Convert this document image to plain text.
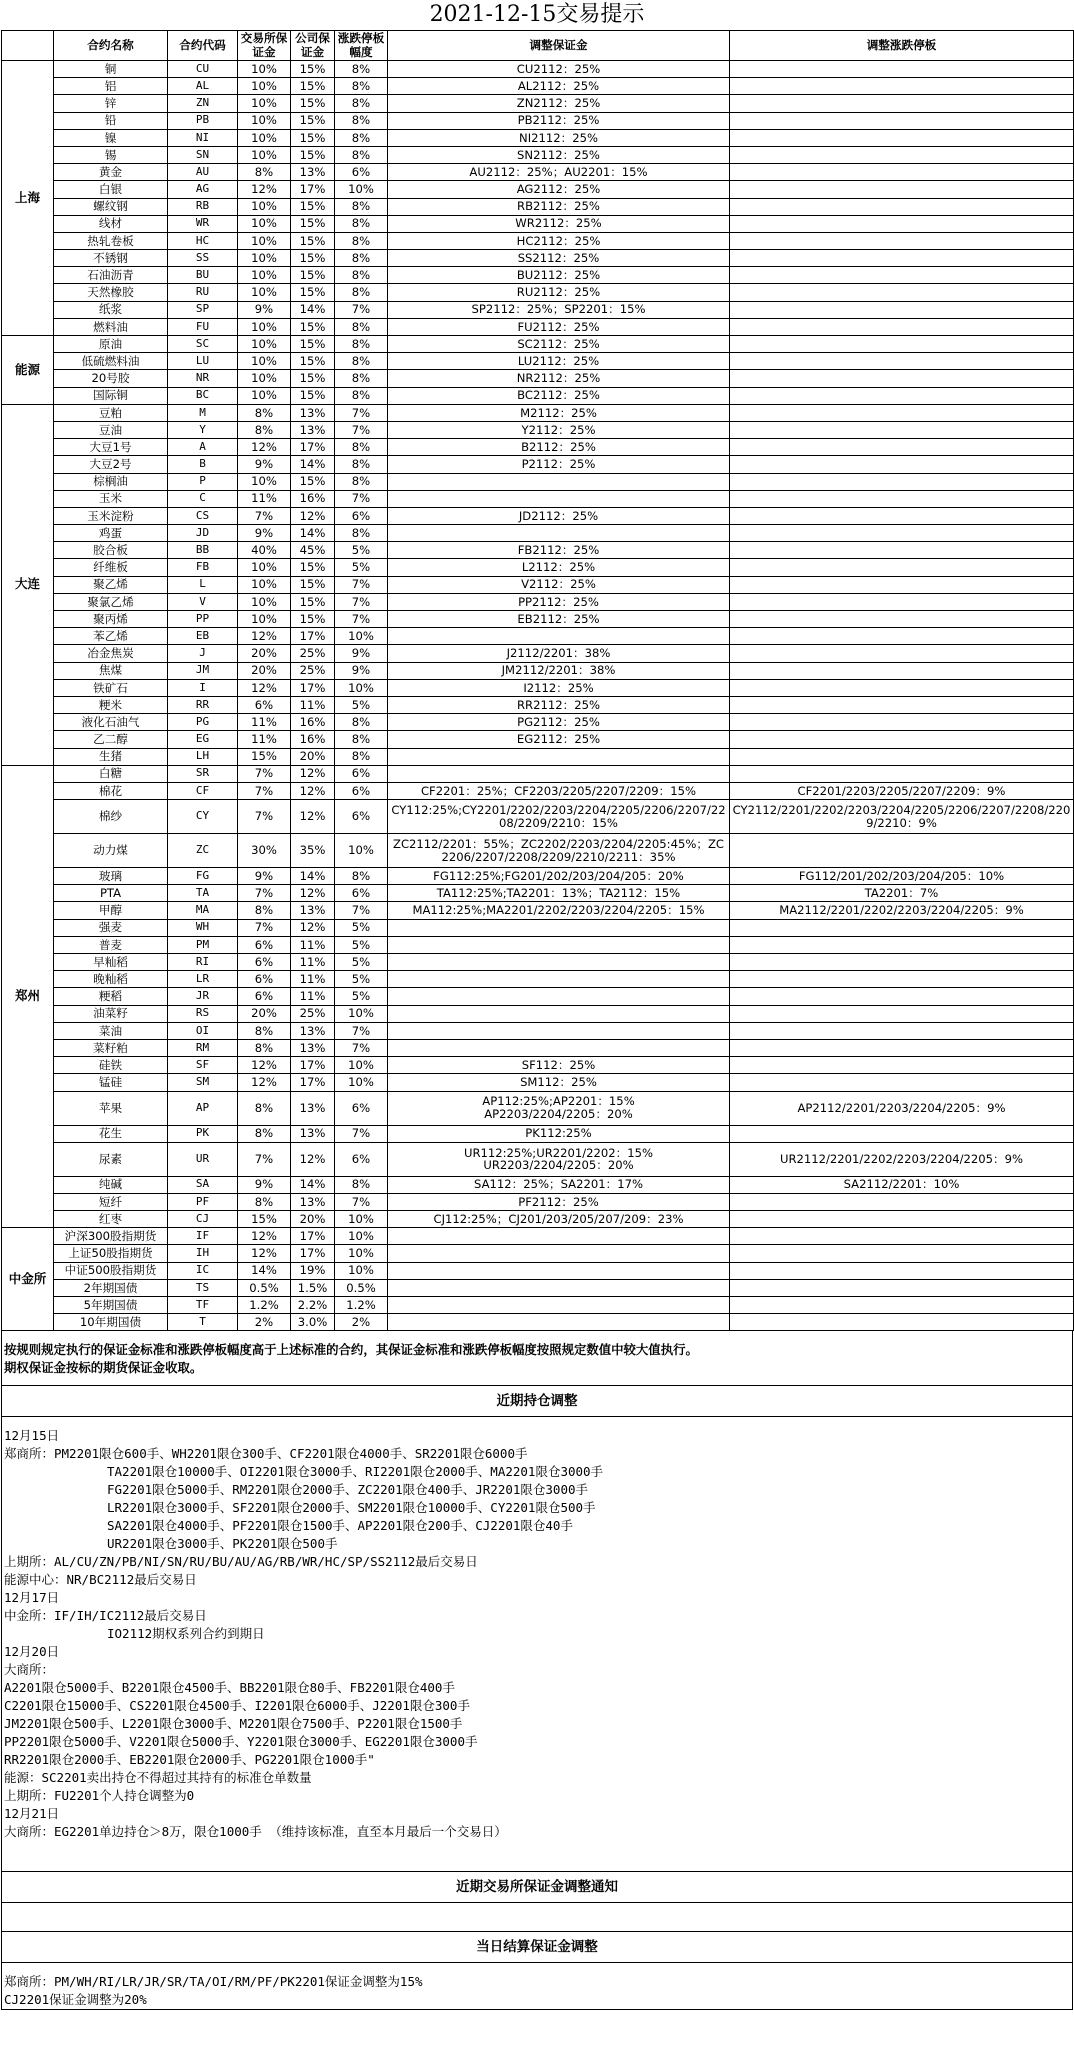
2021-12-15交易提示
	合约名称	合约代码	交易所保证金	公司保证金	涨跌停板幅度	调整保证金	调整涨跌停板
上海	铜	CU	10%	15%	8%	CU2112：25%	
	铝	AL	10%	15%	8%	AL2112：25%	
	锌	ZN	10%	15%	8%	ZN2112：25%	
	铅	PB	10%	15%	8%	PB2112：25%	
	镍	NI	10%	15%	8%	NI2112：25%	
	锡	SN	10%	15%	8%	SN2112：25%	
	黄金	AU	8%	13%	6%	AU2112：25%；AU2201：15%	
	白银	AG	12%	17%	10%	AG2112：25%	
	螺纹钢	RB	10%	15%	8%	RB2112：25%	
	线材	WR	10%	15%	8%	WR2112：25%	
	热轧卷板	HC	10%	15%	8%	HC2112：25%	
	不锈钢	SS	10%	15%	8%	SS2112：25%	
	石油沥青	BU	10%	15%	8%	BU2112：25%	
	天然橡胶	RU	10%	15%	8%	RU2112：25%	
	纸浆	SP	9%	14%	7%	SP2112：25%；SP2201：15%	
	燃料油	FU	10%	15%	8%	FU2112：25%	
能源	原油	SC	10%	15%	8%	SC2112：25%	
	低硫燃料油	LU	10%	15%	8%	LU2112：25%	
	20号胶	NR	10%	15%	8%	NR2112：25%	
	国际铜	BC	10%	15%	8%	BC2112：25%	
大连	豆粕	M	8%	13%	7%	M2112：25%	
	豆油	Y	8%	13%	7%	Y2112：25%	
	大豆1号	A	12%	17%	8%	B2112：25%	
	大豆2号	B	9%	14%	8%	P2112：25%	
	棕榈油	P	10%	15%	8%		
	玉米	C	11%	16%	7%		
	玉米淀粉	CS	7%	12%	6%	JD2112：25%	
	鸡蛋	JD	9%	14%	8%		
	胶合板	BB	40%	45%	5%	FB2112：25%	
	纤维板	FB	10%	15%	5%	L2112：25%	
	聚乙烯	L	10%	15%	7%	V2112：25%	
	聚氯乙烯	V	10%	15%	7%	PP2112：25%	
	聚丙烯	PP	10%	15%	7%	EB2112：25%	
	苯乙烯	EB	12%	17%	10%		
	冶金焦炭	J	20%	25%	9%	J2112/2201：38%	
	焦煤	JM	20%	25%	9%	JM2112/2201：38%	
	铁矿石	I	12%	17%	10%	I2112：25%	
	粳米	RR	6%	11%	5%	RR2112：25%	
	液化石油气	PG	11%	16%	8%	PG2112：25%	
	乙二醇	EG	11%	16%	8%	EG2112：25%	
	生猪	LH	15%	20%	8%		
郑州	白糖	SR	7%	12%	6%		
	棉花	CF	7%	12%	6%	CF2201：25%；CF2203/2205/2207/2209：15%	CF2201/2203/2205/2207/2209：9%
	棉纱	CY	7%	12%	6%	CY112:25%;CY2201/2202/2203/2204/2205/2206/2207/2208/2209/2210：15%	CY2112/2201/2202/2203/2204/2205/2206/2207/2208/2209/2210：9%
	动力煤	ZC	30%	35%	10%	ZC2112/2201：55%；ZC2202/2203/2204/2205:45%；ZC2206/2207/2208/2209/2210/2211：35%	
	玻璃	FG	9%	14%	8%	FG112:25%;FG201/202/203/204/205：20%	FG112/201/202/203/204/205：10%
	PTA	TA	7%	12%	6%	TA112:25%;TA2201：13%；TA2112：15%	TA2201：7%
	甲醇	MA	8%	13%	7%	MA112:25%;MA2201/2202/2203/2204/2205：15%	MA2112/2201/2202/2203/2204/2205：9%
	强麦	WH	7%	12%	5%		
	普麦	PM	6%	11%	5%		
	早籼稻	RI	6%	11%	5%		
	晚籼稻	LR	6%	11%	5%		
	粳稻	JR	6%	11%	5%		
	油菜籽	RS	20%	25%	10%		
	菜油	OI	8%	13%	7%		
	菜籽粕	RM	8%	13%	7%		
	硅铁	SF	12%	17%	10%	SF112：25%	
	锰硅	SM	12%	17%	10%	SM112：25%	
	苹果	AP	8%	13%	6%	AP112:25%;AP2201：15%
AP2203/2204/2205：20%	AP2112/2201/2203/2204/2205：9%
	花生	PK	8%	13%	7%	PK112:25%	
	尿素	UR	7%	12%	6%	UR112:25%;UR2201/2202：15%
UR2203/2204/2205：20%	UR2112/2201/2202/2203/2204/2205：9%
	纯碱	SA	9%	14%	8%	SA112：25%；SA2201：17%	SA2112/2201：10%
	短纤	PF	8%	13%	7%	PF2112：25%	
	红枣	CJ	15%	20%	10%	CJ112:25%；CJ201/203/205/207/209：23%	
中金所	沪深300股指期货	IF	12%	17%	10%		
	上证50股指期货	IH	12%	17%	10%		
	中证500股指期货	IC	14%	19%	10%		
	2年期国债	TS	0.5%	1.5%	0.5%		
	5年期国债	TF	1.2%	2.2%	1.2%		
	10年期国债	T	2%	3.0%	2%		
按规则规定执行的保证金标准和涨跌停板幅度高于上述标准的合约，其保证金标准和涨跌停板幅度按照规定数值中较大值执行。
期权保证金按标的期货保证金收取。
近期持仓调整
12月15日
郑商所：PM2201限仓600手、WH2201限仓300手、CF2201限仓4000手、SR2201限仓6000手
TA2201限仓10000手、OI2201限仓3000手、RI2201限仓2000手、MA2201限仓3000手
FG2201限仓5000手、RM2201限仓2000手、ZC2201限仓400手、JR2201限仓3000手
LR2201限仓3000手、SF2201限仓2000手、SM2201限仓10000手、CY2201限仓500手
SA2201限仓4000手、PF2201限仓1500手、AP2201限仓200手、CJ2201限仓40手
UR2201限仓3000手、PK2201限仓500手
上期所：AL/CU/ZN/PB/NI/SN/RU/BU/AU/AG/RB/WR/HC/SP/SS2112最后交易日
能源中心：NR/BC2112最后交易日
12月17日
中金所：IF/IH/IC2112最后交易日
IO2112期权系列合约到期日
12月20日
大商所：
A2201限仓5000手、B2201限仓4500手、BB2201限仓80手、FB2201限仓400手
C2201限仓15000手、CS2201限仓4500手、I2201限仓6000手、J2201限仓300手
JM2201限仓500手、L2201限仓3000手、M2201限仓7500手、P2201限仓1500手
PP2201限仓5000手、V2201限仓5000手、Y2201限仓3000手、EG2201限仓3000手
RR2201限仓2000手、EB2201限仓2000手、PG2201限仓1000手"
能源：SC2201卖出持仓不得超过其持有的标准仓单数量
上期所：FU2201个人持仓调整为0
12月21日
大商所：EG2201单边持仓＞8万，限仓1000手 （维持该标准，直至本月最后一个交易日）
近期交易所保证金调整通知
当日结算保证金调整
郑商所：PM/WH/RI/LR/JR/SR/TA/OI/RM/PF/PK2201保证金调整为15%
CJ2201保证金调整为20%
